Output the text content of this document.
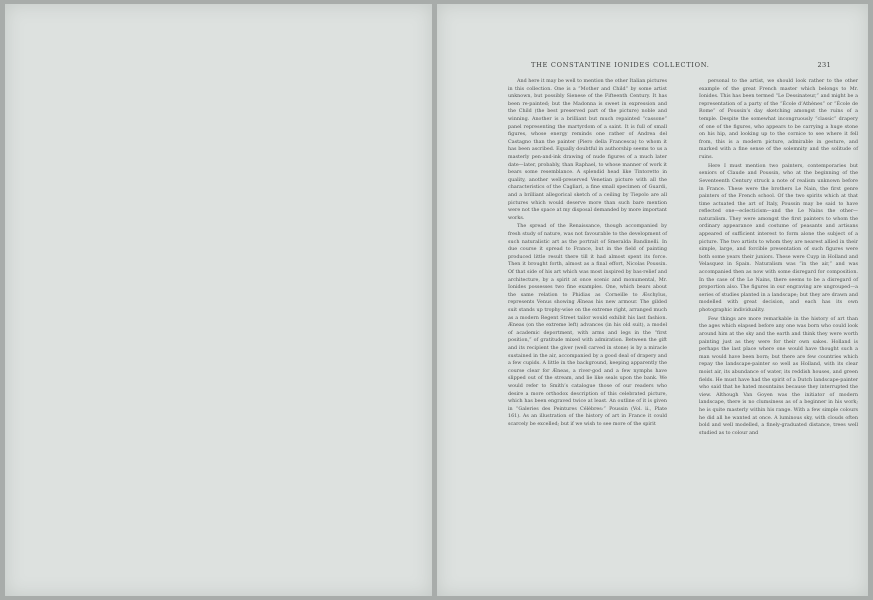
THE CONSTANTINE IONIDES COLLECTION.	231

And here it may be well to mention the other Italian pictures in this collection. One is a “Mother and Child” by some artist unknown, but possibly Sienese of the Fifteenth Century. It has been re-painted; but the Madonna is sweet in expression and the Child (the best preserved part of the picture) noble and winning. Another is a brilliant but much repainted “cassone” panel representing the martyrdom of a saint. It is full of small figures, whose energy reminds one rather of Andrea del Castagno than the painter (Piero della Francesca) to whom it has been ascribed. Equally doubtful in authorship seems to us a masterly pen-and-ink drawing of nude figures of a much later date—later, probably, than Raphael, to whose manner of work it bears some resemblance. A splendid head like Tintoretto in quality, another well-preserved Venetian picture with all the characteristics of the Cagliari, a fine small specimen of Guardi, and a brilliant allegorical sketch of a ceiling by Tiepolo are all pictures which would deserve more than such bare mention were not the space at my disposal demanded by more important works.

The spread of the Renaissance, though accompanied by fresh study of nature, was not favourable to the development of such naturalistic art as the portrait of Smeralda Bandinelli. In due course it spread to France, but in the field of painting produced little result there till it had almost spent its force. Then it brought forth, almost as a final effort, Nicolas Poussin. Of that side of his art which was most inspired by bas-relief and architecture, by a spirit at once scenic and monumental, Mr. Ionides possesses two fine examples. One, which bears about the same relation to Phidias as Corneille to Æschylus, represents Venus showing Æneas his new armour. The gilded suit stands up trophy-wise on the extreme right, arranged much as a modern Regent Street tailor would exhibit his last fashion. Æneas (on the extreme left) advances (in his old suit), a model of academic deportment, with arms and legs in the “first position,” of gratitude mixed with admiration. Between the gift and its recipient the giver (well carved in stone) is by a miracle sustained in the air, accompanied by a good deal of drapery and a few cupids. A little in the background, keeping apparently the course clear for Æneas, a river-god and a few nymphs have slipped out of the stream, and lie like seals upon the bank. We would refer to Smith’s catalogue those of our readers who desire a more orthodox description of this celebrated picture, which has been engraved twice at least. An outline of it is given in “Galeries des Peintures Célèbres:” Poussin (Vol. ii., Plate 161). As an illustration of the history of art in France it could scarcely be excelled; but if we wish to see more of the spirit

personal to the artist, we should look rather to the other example of the great French master which belongs to Mr. Ionides. This has been termed “Le Dessinateur,” and might be a representation of a party of the “École d’Athènes” or “École de Rome” of Poussin’s day sketching amongst the ruins of a temple. Despite the somewhat incongruously “classic” drapery of one of the figures, who appears to be carrying a huge stone on his hip, and looking up to the cornice to see where it fell from, this is a modern picture, admirable in gesture, and marked with a fine sense of the solemnity and the solitude of ruins.

Here I must mention two painters, contemporaries but seniors of Claude and Poussin, who at the beginning of the Seventeenth Century struck a note of realism unknown before in France. These were the brothers Le Nain, the first genre painters of the French school. Of the two spirits which at that time actuated the art of Italy, Poussin may be said to have reflected one—eclecticism—and the Le Nains the other—naturalism. They were amongst the first painters to whom the ordinary appearance and costume of peasants and artisans appeared of sufficient interest to form alone the subject of a picture. The two artists to whom they are nearest allied in their simple, large, and forcible presentation of such figures were both some years their juniors. These were Cuyp in Holland and Velasquez in Spain. Naturalism was “in the air,” and was accompanied then as now with some disregard for composition. In the case of the Le Nains, there seems to be a disregard of proportion also. The figures in our engraving are ungrouped—a series of studies planted in a landscape; but they are drawn and modelled with great decision, and each has its own photographic individuality.

Few things are more remarkable in the history of art than the ages which elapsed before any one was born who could look around him at the sky and the earth and think they were worth painting just as they were for their own sakes. Holland is perhaps the last place where one would have thought such a man would have been born; but there are few countries which repay the landscape-painter so well as Holland, with its clear moist air, its abundance of water, its reddish houses, and green fields. He must have had the spirit of a Dutch landscape-painter who said that he hated mountains because they interrupted the view. Although Van Goyen was the initiator of modern landscape, there is no clumsiness as of a beginner in his work; he is quite masterly within his range. With a few simple colours he did all he wanted at once. A luminous sky, with clouds often bold and well modelled, a finely-graduated distance, trees well studied as to colour and
